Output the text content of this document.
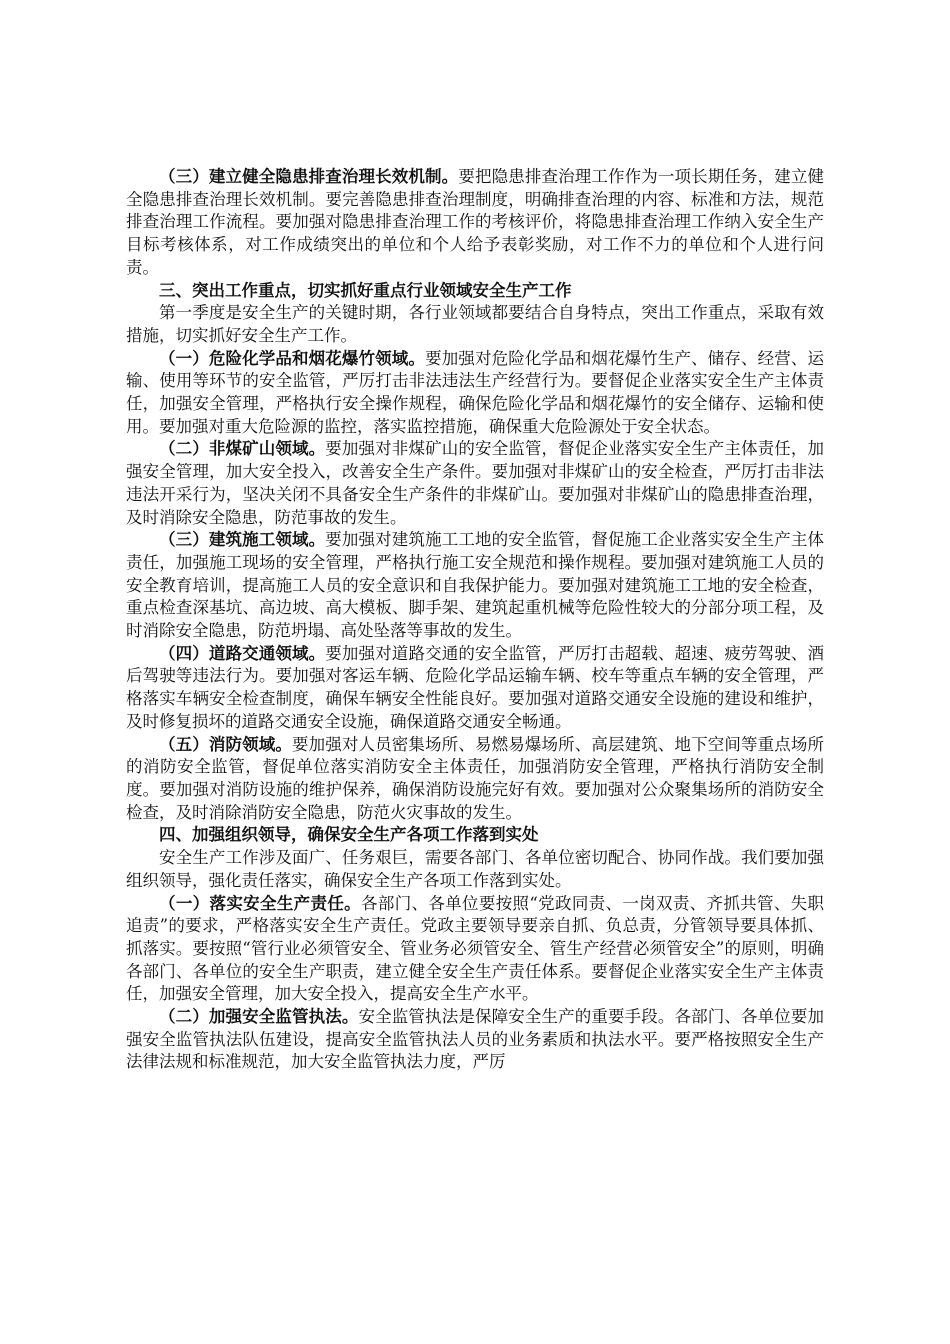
（三）建立健全隐患排查治理长效机制。要把隐患排查治理工作作为一项长期任务，建立健全隐患排查治理长效机制。要完善隐患排查治理制度，明确排查治理的内容、标准和方法，规范排查治理工作流程。要加强对隐患排查治理工作的考核评价，将隐患排查治理工作纳入安全生产目标考核体系，对工作成绩突出的单位和个人给予表彰奖励，对工作不力的单位和个人进行问责。

三、突出工作重点，切实抓好重点行业领域安全生产工作

第一季度是安全生产的关键时期，各行业领域都要结合自身特点，突出工作重点，采取有效措施，切实抓好安全生产工作。

（一）危险化学品和烟花爆竹领域。要加强对危险化学品和烟花爆竹生产、储存、经营、运输、使用等环节的安全监管，严厉打击非法违法生产经营行为。要督促企业落实安全生产主体责任，加强安全管理，严格执行安全操作规程，确保危险化学品和烟花爆竹的安全储存、运输和使用。要加强对重大危险源的监控，落实监控措施，确保重大危险源处于安全状态。

（二）非煤矿山领域。要加强对非煤矿山的安全监管，督促企业落实安全生产主体责任，加强安全管理，加大安全投入，改善安全生产条件。要加强对非煤矿山的安全检查，严厉打击非法违法开采行为，坚决关闭不具备安全生产条件的非煤矿山。要加强对非煤矿山的隐患排查治理，及时消除安全隐患，防范事故的发生。

（三）建筑施工领域。要加强对建筑施工工地的安全监管，督促施工企业落实安全生产主体责任，加强施工现场的安全管理，严格执行施工安全规范和操作规程。要加强对建筑施工人员的安全教育培训，提高施工人员的安全意识和自我保护能力。要加强对建筑施工工地的安全检查，重点检查深基坑、高边坡、高大模板、脚手架、建筑起重机械等危险性较大的分部分项工程，及时消除安全隐患，防范坍塌、高处坠落等事故的发生。

（四）道路交通领域。要加强对道路交通的安全监管，严厉打击超载、超速、疲劳驾驶、酒后驾驶等违法行为。要加强对客运车辆、危险化学品运输车辆、校车等重点车辆的安全管理，严格落实车辆安全检查制度，确保车辆安全性能良好。要加强对道路交通安全设施的建设和维护，及时修复损坏的道路交通安全设施，确保道路交通安全畅通。

（五）消防领域。要加强对人员密集场所、易燃易爆场所、高层建筑、地下空间等重点场所的消防安全监管，督促单位落实消防安全主体责任，加强消防安全管理，严格执行消防安全制度。要加强对消防设施的维护保养，确保消防设施完好有效。要加强对公众聚集场所的消防安全检查，及时消除消防安全隐患，防范火灾事故的发生。

四、加强组织领导，确保安全生产各项工作落到实处

安全生产工作涉及面广、任务艰巨，需要各部门、各单位密切配合、协同作战。我们要加强组织领导，强化责任落实，确保安全生产各项工作落到实处。

（一）落实安全生产责任。各部门、各单位要按照“党政同责、一岗双责、齐抓共管、失职追责”的要求，严格落实安全生产责任。党政主要领导要亲自抓、负总责，分管领导要具体抓、抓落实。要按照“管行业必须管安全、管业务必须管安全、管生产经营必须管安全”的原则，明确各部门、各单位的安全生产职责，建立健全安全生产责任体系。要督促企业落实安全生产主体责任，加强安全管理，加大安全投入，提高安全生产水平。

（二）加强安全监管执法。安全监管执法是保障安全生产的重要手段。各部门、各单位要加强安全监管执法队伍建设，提高安全监管执法人员的业务素质和执法水平。要严格按照安全生产法律法规和标准规范，加大安全监管执法力度，严厉
